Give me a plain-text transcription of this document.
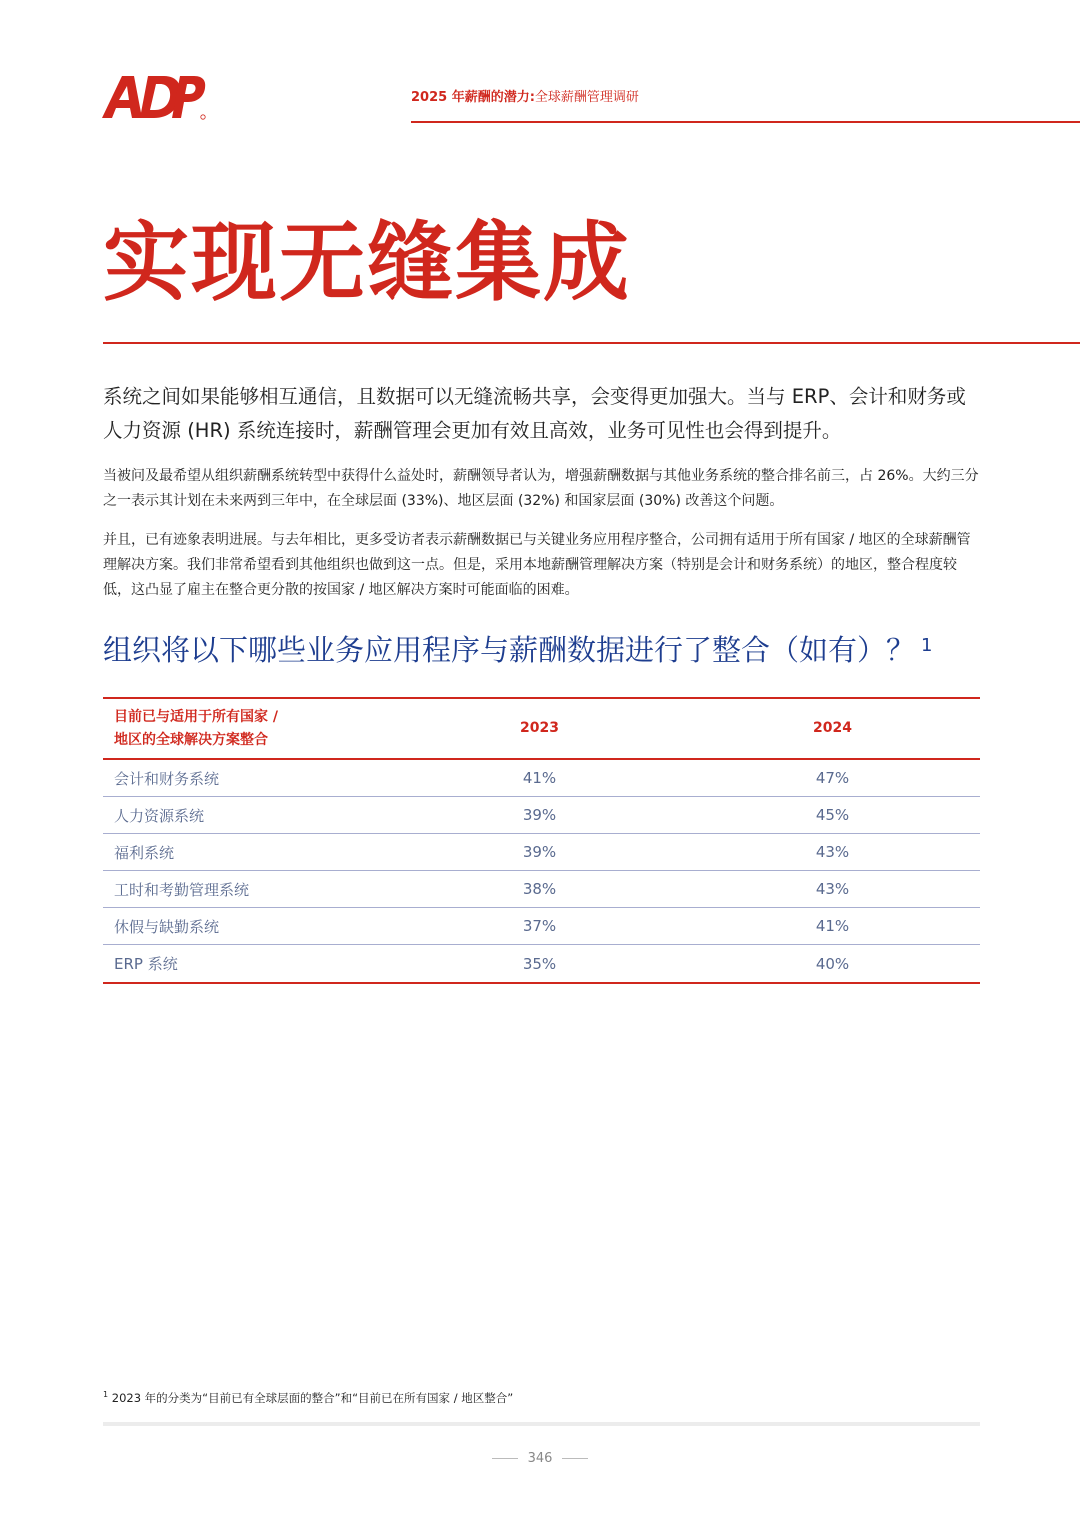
2025 年薪酬的潜力:全球薪酬管理调研
实现无缝集成

系统之间如果能够相互通信，且数据可以无缝流畅共享，会变得更加强大。当与 ERP、会计和财务或人力资源 (HR) 系统连接时，薪酬管理会更加有效且高效，业务可见性也会得到提升。

当被问及最希望从组织薪酬系统转型中获得什么益处时，薪酬领导者认为，增强薪酬数据与其他业务系统的整合排名前三，占 26%。大约三分之一表示其计划在未来两到三年中，在全球层面 (33%)、地区层面 (32%) 和国家层面 (30%) 改善这个问题。

并且，已有迹象表明进展。与去年相比，更多受访者表示薪酬数据已与关键业务应用程序整合，公司拥有适用于所有国家 / 地区的全球薪酬管理解决方案。我们非常希望看到其他组织也做到这一点。但是，采用本地薪酬管理解决方案（特别是会计和财务系统）的地区，整合程度较低，这凸显了雇主在整合更分散的按国家 / 地区解决方案时可能面临的困难。

组织将以下哪些业务应用程序与薪酬数据进行了整合（如有）？ $^1$
目前已与适用于所有国家 /
地区的全球解决方案整合
2023	2024
会计和财务系统	41%	47%
人力资源系统	39%	45%
福利系统	39%	43%
工时和考勤管理系统	38%	43%
休假与缺勤系统	37%	41%
ERP 系统	35%	40%
$^1$ 2023 年的分类为“目前已有全球层面的整合”和“目前已在所有国家 / 地区整合”
346
